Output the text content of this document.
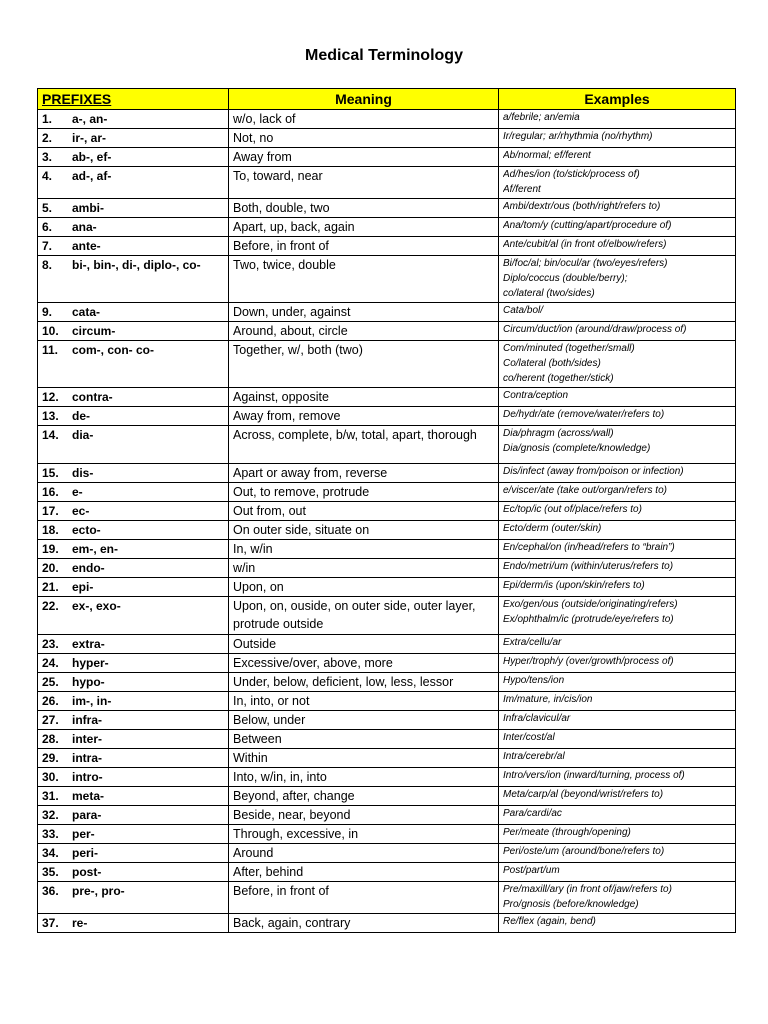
Medical Terminology
PREFIXES	Meaning	Examples
1. a-, an-	w/o, lack of	a/febrile; an/emia

2. ir-, ar-	Not, no	Ir/regular; ar/rhythmia (no/rhythm)

3. ab-, ef-	Away from	Ab/normal; ef/ferent

4. ad-, af-	To, toward, near	Ad/hes/ion (to/stick/process of)
Af/ferent

5. ambi-	Both, double, two	Ambi/dextr/ous (both/right/refers to)

6. ana-	Apart, up, back, again	Ana/tom/y (cutting/apart/procedure of)

7. ante-	Before, in front of	Ante/cubit/al (in front of/elbow/refers)

8. bi-, bin-, di-, diplo-, co-	Two, twice, double	Bi/foc/al; bin/ocul/ar (two/eyes/refers)
Diplo/coccus (double/berry);
co/lateral (two/sides)

9. cata-	Down, under, against	Cata/bol/

10. circum-	Around, about, circle	Circum/duct/ion (around/draw/process of)

11. com-, con- co-	Together, w/, both (two)	Com/minuted (together/small)
Co/lateral (both/sides)
co/herent (together/stick)

12. contra-	Against, opposite	Contra/ception

13. de-	Away from, remove	De/hydr/ate (remove/water/refers to)

14. dia-	Across, complete, b/w, total, apart, thorough	Dia/phragm (across/wall)
Dia/gnosis (complete/knowledge)

15. dis-	Apart or away from, reverse	Dis/infect (away from/poison or infection)

16. e-	Out, to remove, protrude	e/viscer/ate (take out/organ/refers to)

17. ec-	Out from, out	Ec/top/ic (out of/place/refers to)

18. ecto-	On outer side, situate on	Ecto/derm (outer/skin)

19. em-, en-	In, w/in	En/cephal/on (in/head/refers to “brain”)

20. endo-	w/in	Endo/metri/um (within/uterus/refers to)

21. epi-	Upon, on	Epi/derm/is (upon/skin/refers to)

22. ex-, exo-	Upon, on, ouside, on outer side, outer layer, protrude outside	Exo/gen/ous (outside/originating/refers)
Ex/ophthalm/ic (protrude/eye/refers to)

23. extra-	Outside	Extra/cellu/ar

24. hyper-	Excessive/over, above, more	Hyper/troph/y (over/growth/process of)

25. hypo-	Under, below, deficient, low, less, lessor	Hypo/tens/ion

26. im-, in-	In, into, or not	Im/mature, in/cis/ion

27. infra-	Below, under	Infra/clavicul/ar

28. inter-	Between	Inter/cost/al

29. intra-	Within	Intra/cerebr/al

30. intro-	Into, w/in, in, into	Intro/vers/ion (inward/turning, process of)

31. meta-	Beyond, after, change	Meta/carp/al (beyond/wrist/refers to)

32. para-	Beside, near, beyond	Para/cardi/ac

33. per-	Through, excessive, in	Per/meate (through/opening)

34. peri-	Around	Peri/oste/um (around/bone/refers to)

35. post-	After, behind	Post/part/um

36. pre-, pro-	Before, in front of	Pre/maxill/ary (in front of/jaw/refers to)
Pro/gnosis (before/knowledge)

37. re-	Back, again, contrary	Re/flex (again, bend)
